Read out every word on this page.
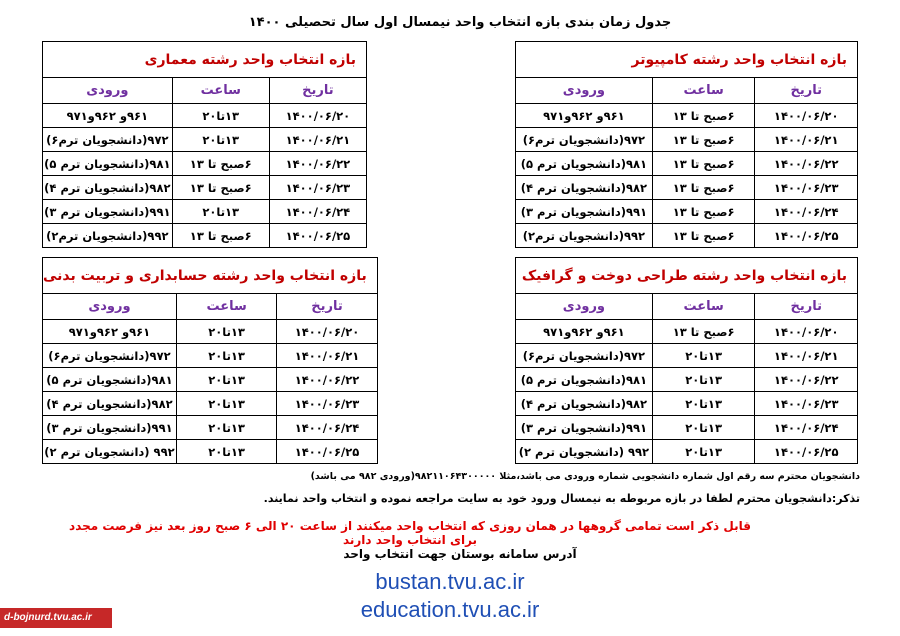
جدول زمان بندی بازه انتخاب واحد نیمسال اول سال تحصیلی ۱۴۰۰
بازه انتخاب واحد رشته کامپیوتر		
تاریخ	ساعت	ورودی
۱۴۰۰/۰۶/۲۰	۶صبح تا ۱۳	۹۶۱و ۹۶۲و۹۷۱
۱۴۰۰/۰۶/۲۱	۶صبح تا ۱۳	۹۷۲(دانشجویان ترم۶)
۱۴۰۰/۰۶/۲۲	۶صبح تا ۱۳	۹۸۱(دانشجویان ترم ۵)
۱۴۰۰/۰۶/۲۳	۶صبح تا ۱۳	۹۸۲(دانشجویان ترم ۴)
۱۴۰۰/۰۶/۲۴	۶صبح تا ۱۳	۹۹۱(دانشجویان ترم ۳)
۱۴۰۰/۰۶/۲۵	۶صبح تا ۱۳	۹۹۲(دانشجویان ترم۲)
بازه انتخاب واحد رشته معماری		
تاریخ	ساعت	ورودی
۱۴۰۰/۰۶/۲۰	۱۳تا۲۰	۹۶۱و ۹۶۲و۹۷۱
۱۴۰۰/۰۶/۲۱	۱۳تا۲۰	۹۷۲(دانشجویان ترم۶)
۱۴۰۰/۰۶/۲۲	۶صبح تا ۱۳	۹۸۱(دانشجویان ترم ۵)
۱۴۰۰/۰۶/۲۳	۶صبح تا ۱۳	۹۸۲(دانشجویان ترم ۴)
۱۴۰۰/۰۶/۲۴	۱۳تا۲۰	۹۹۱(دانشجویان ترم ۳)
۱۴۰۰/۰۶/۲۵	۶صبح تا ۱۳	۹۹۲(دانشجویان ترم۲)
بازه انتخاب واحد رشته طراحی دوخت و گرافیک		
تاریخ	ساعت	ورودی
۱۴۰۰/۰۶/۲۰	۶صبح تا ۱۳	۹۶۱و ۹۶۲و۹۷۱
۱۴۰۰/۰۶/۲۱	۱۳تا۲۰	۹۷۲(دانشجویان ترم۶)
۱۴۰۰/۰۶/۲۲	۱۳تا۲۰	۹۸۱(دانشجویان ترم ۵)
۱۴۰۰/۰۶/۲۳	۱۳تا۲۰	۹۸۲(دانشجویان ترم ۴)
۱۴۰۰/۰۶/۲۴	۱۳تا۲۰	۹۹۱(دانشجویان ترم ۳)
۱۴۰۰/۰۶/۲۵	۱۳تا۲۰	۹۹۲ (دانشجویان ترم ۲)
بازه انتخاب واحد رشته حسابداری و تربیت بدنی		
تاریخ	ساعت	ورودی
۱۴۰۰/۰۶/۲۰	۱۳تا۲۰	۹۶۱و ۹۶۲و۹۷۱
۱۴۰۰/۰۶/۲۱	۱۳تا۲۰	۹۷۲(دانشجویان ترم۶)
۱۴۰۰/۰۶/۲۲	۱۳تا۲۰	۹۸۱(دانشجویان ترم ۵)
۱۴۰۰/۰۶/۲۳	۱۳تا۲۰	۹۸۲(دانشجویان ترم ۴)
۱۴۰۰/۰۶/۲۴	۱۳تا۲۰	۹۹۱(دانشجویان ترم ۳)
۱۴۰۰/۰۶/۲۵	۱۳تا۲۰	۹۹۲ (دانشجویان ترم ۲)
دانشجویان محترم سه رقم اول شماره دانشجویی شماره ورودی می باشد،مثلا ۹۸۲۱۱۰۶۴۳۰۰۰۰۰(ورودی ۹۸۲ می باشد)
تذکر:دانشجویان محترم لطفا در بازه مربوطه به نیمسال ورود خود به سایت مراجعه نموده و انتخاب واحد نمایند.
قابل ذکر است تمامی گروهها در همان روزی که انتخاب واحد میکنند از ساعت ۲۰ الی ۶ صبح روز بعد نیز فرصت مجدد برای انتخاب واحد دارند
آدرس سامانه بوستان جهت انتخاب واحد
bustan.tvu.ac.ir
education.tvu.ac.ir
d-bojnurd.tvu.ac.ir
